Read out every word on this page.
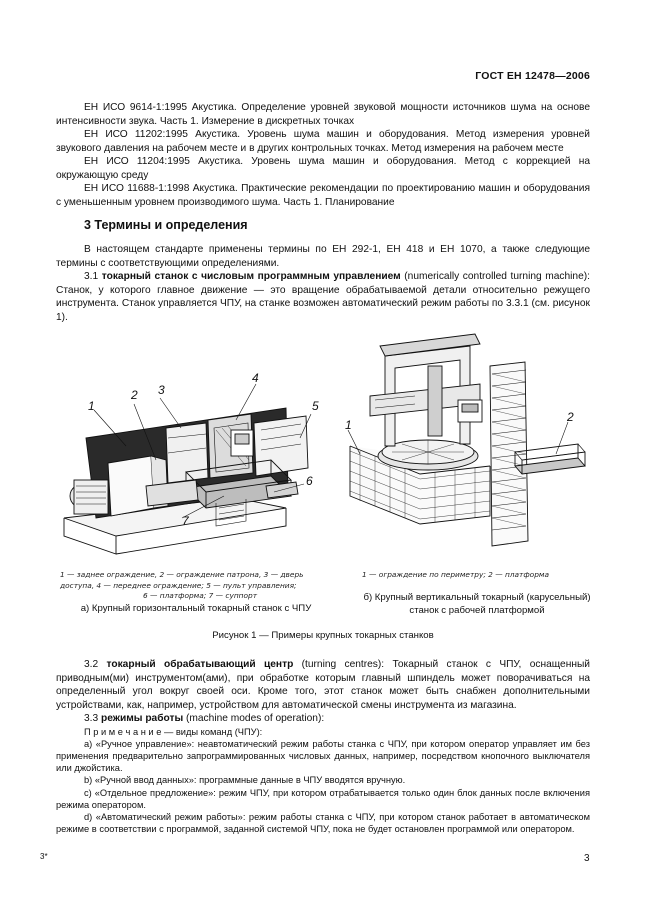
ГОСТ ЕН 12478—2006
ЕН ИСО 9614-1:1995 Акустика. Определение уровней звуковой мощности источников шума на основе интенсивности звука. Часть 1. Измерение в дискретных точках
ЕН ИСО 11202:1995 Акустика. Уровень шума машин и оборудования. Метод измерения уровней звукового давления на рабочем месте и в других контрольных точках. Метод измерения на рабочем месте
ЕН ИСО 11204:1995 Акустика. Уровень шума машин и оборудования. Метод с коррекцией на окружающую среду
ЕН ИСО 11688-1:1998 Акустика. Практические рекомендации по проектированию машин и оборудования с уменьшенным уровнем производимого шума. Часть 1. Планирование
3 Термины и определения
В настоящем стандарте применены термины по ЕН 292-1, ЕН 418 и ЕН 1070, а также следующие термины с соответствующими определениями.
3.1 токарный станок с числовым программным управлением (numerically controlled turning machine): Станок, у которого главное движение — это вращение обрабатываемой детали относительно режущего инструмента. Станок управляется ЧПУ, на станке возможен автоматический режим работы по 3.3.1 (см. рисунок 1).
1
2 3
4
5
6
7
1
2
1 — заднее ограждение, 2 — ограждение патрона, 3 — дверь
доступа, 4 — переднее ограждение; 5 — пульт управления;
6 — платформа; 7 — суппорт
1 — ограждение по периметру; 2 — платформа
а) Крупный горизонтальный токарный станок с ЧПУ
б) Крупный вертикальный токарный (карусельный)
станок с рабочей платформой
Рисунок 1 — Примеры крупных токарных станков
3.2 токарный обрабатывающий центр (turning centres): Токарный станок с ЧПУ, оснащенный приводным(ми) инструментом(ами), при обработке которым главный шпиндель может поворачиваться на определенный угол вокруг своей оси. Кроме того, этот станок может быть снабжен дополнительными устройствами, как, например, устройством для автоматической смены инструмента из магазина.
3.3 режимы работы (machine modes of operation):
П р и м е ч а н и е — виды команд (ЧПУ):
а) «Ручное управление»: неавтоматический режим работы станка с ЧПУ, при котором оператор управляет им без применения предварительно запрограммированных числовых данных, например, посредством кнопочного выключателя или джойстика.
b) «Ручной ввод данных»: программные данные в ЧПУ вводятся вручную.
с) «Отдельное предложение»: режим ЧПУ, при котором отрабатывается только один блок данных после включения режима оператором.
d) «Автоматический режим работы»: режим работы станка с ЧПУ, при котором станок работает в автоматическом режиме в соответствии с программой, заданной системой ЧПУ, пока не будет остановлен программой или оператором.
3*	3
